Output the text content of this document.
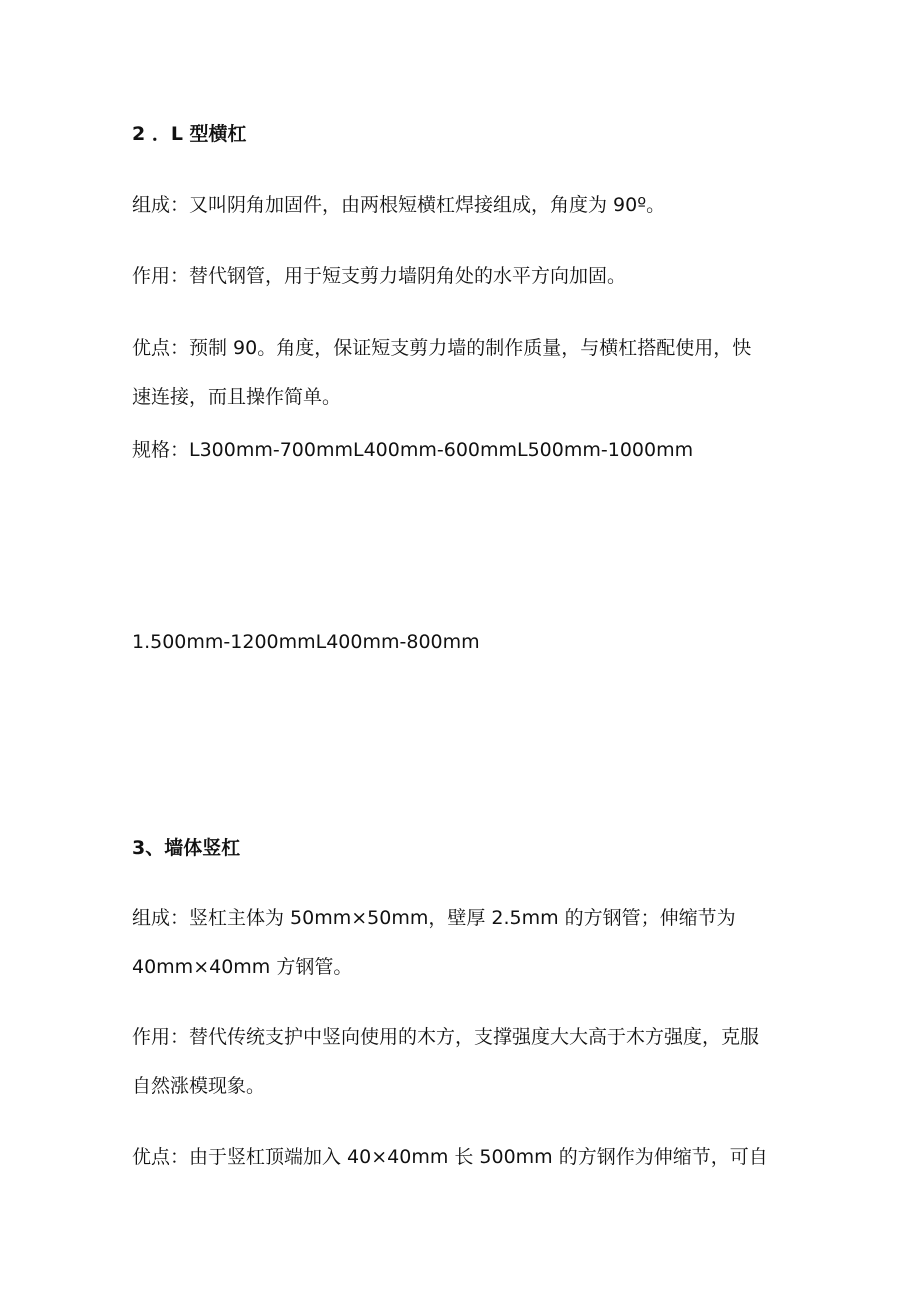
2 ．L 型横杠

组成：又叫阴角加固件，由两根短横杠焊接组成，角度为 90º。

作用：替代钢管，用于短支剪力墙阴角处的水平方向加固。

优点：预制 90。角度，保证短支剪力墙的制作质量，与横杠搭配使用，快

速连接，而且操作简单。

规格：L300mm-700mmL400mm-600mmL500mm-1000mm

1.500mm-1200mmL400mm-800mm

3、墙体竖杠

组成：竖杠主体为 50mm×50mm，壁厚 2.5mm 的方钢管；伸缩节为

40mm×40mm 方钢管。

作用：替代传统支护中竖向使用的木方，支撑强度大大高于木方强度，克服

自然涨模现象。

优点：由于竖杠顶端加入 40×40mm 长 500mm 的方钢作为伸缩节，可自
